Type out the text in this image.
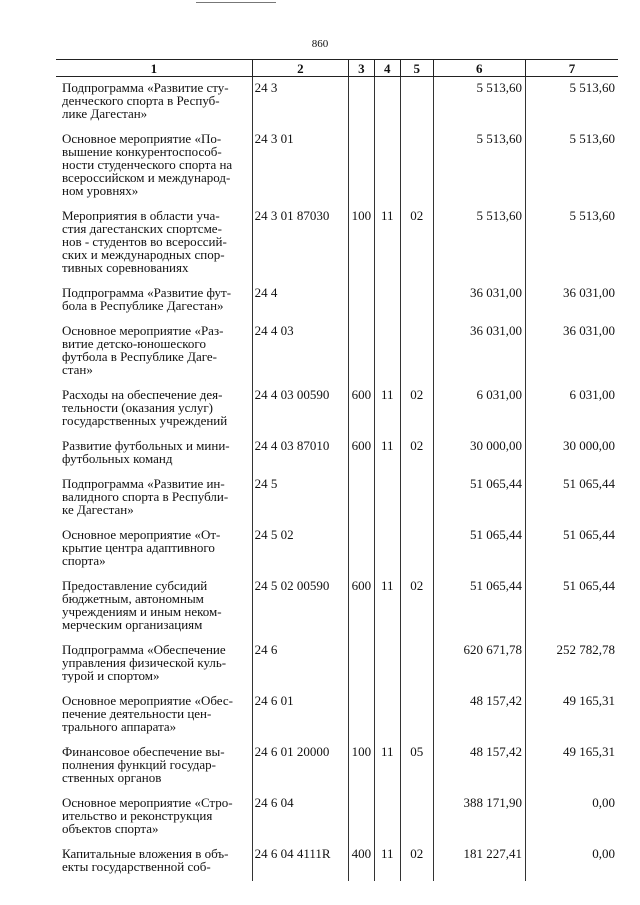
860
1	2	3	4	5	6	7

Подпрограмма «Развитие сту-
денческого спорта в Респуб-
лике Дагестан»	24 3				5 513,60	5 513,60

Основное мероприятие «По-
вышение конкурентоспособ-
ности студенческого спорта на
всероссийском и международ-
ном уровнях»	24 3 01				5 513,60	5 513,60

Мероприятия в области уча-
стия дагестанских спортсме-
нов - студентов во всероссий-
ских и международных спор-
тивных соревнованиях	24 3 01 87030	100	11	02	5 513,60	5 513,60

Подпрограмма «Развитие фут-
бола в Республике Дагестан»	24 4				36 031,00	36 031,00

Основное мероприятие «Раз-
витие детско-юношеского
футбола в Республике Даге-
стан»	24 4 03				36 031,00	36 031,00

Расходы на обеспечение дея-
тельности (оказания услуг)
государственных учреждений	24 4 03 00590	600	11	02	6 031,00	6 031,00

Развитие футбольных и мини-
футбольных команд	24 4 03 87010	600	11	02	30 000,00	30 000,00

Подпрограмма «Развитие ин-
валидного спорта в Республи-
ке Дагестан»	24 5				51 065,44	51 065,44

Основное мероприятие «От-
крытие центра адаптивного
спорта»	24 5 02				51 065,44	51 065,44

Предоставление субсидий
бюджетным, автономным
учреждениям и иным неком-
мерческим организациям	24 5 02 00590	600	11	02	51 065,44	51 065,44

Подпрограмма «Обеспечение
управления физической куль-
турой и спортом»	24 6				620 671,78	252 782,78

Основное мероприятие «Обес-
печение деятельности цен-
трального аппарата»	24 6 01				48 157,42	49 165,31

Финансовое обеспечение вы-
полнения функций государ-
ственных органов	24 6 01 20000	100	11	05	48 157,42	49 165,31

Основное мероприятие «Стро-
ительство и реконструкция
объектов спорта»	24 6 04				388 171,90	0,00

Капитальные вложения в объ-
екты государственной соб-	24 6 04 4111R	400	11	02	181 227,41	0,00
